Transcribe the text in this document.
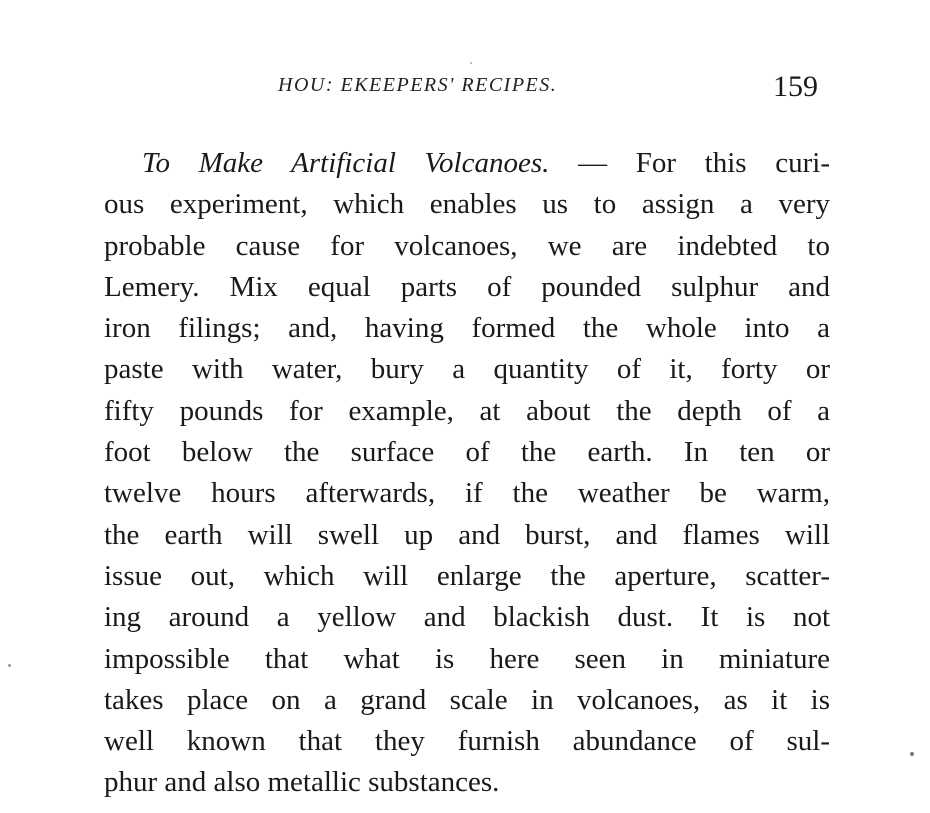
HOU: EKEEPERS' RECIPES.	159
To Make Artificial Volcanoes. — For this curi-
ous experiment, which enables us to assign a very
probable cause for volcanoes, we are indebted to
Lemery. Mix equal parts of pounded sulphur and
iron filings; and, having formed the whole into a
paste with water, bury a quantity of it, forty or
fifty pounds for example, at about the depth of a
foot below the surface of the earth. In ten or
twelve hours afterwards, if the weather be warm,
the earth will swell up and burst, and flames will
issue out, which will enlarge the aperture, scatter-
ing around a yellow and blackish dust. It is not
impossible that what is here seen in miniature
takes place on a grand scale in volcanoes, as it is
well known that they furnish abundance of sul-
phur and also metallic substances.
